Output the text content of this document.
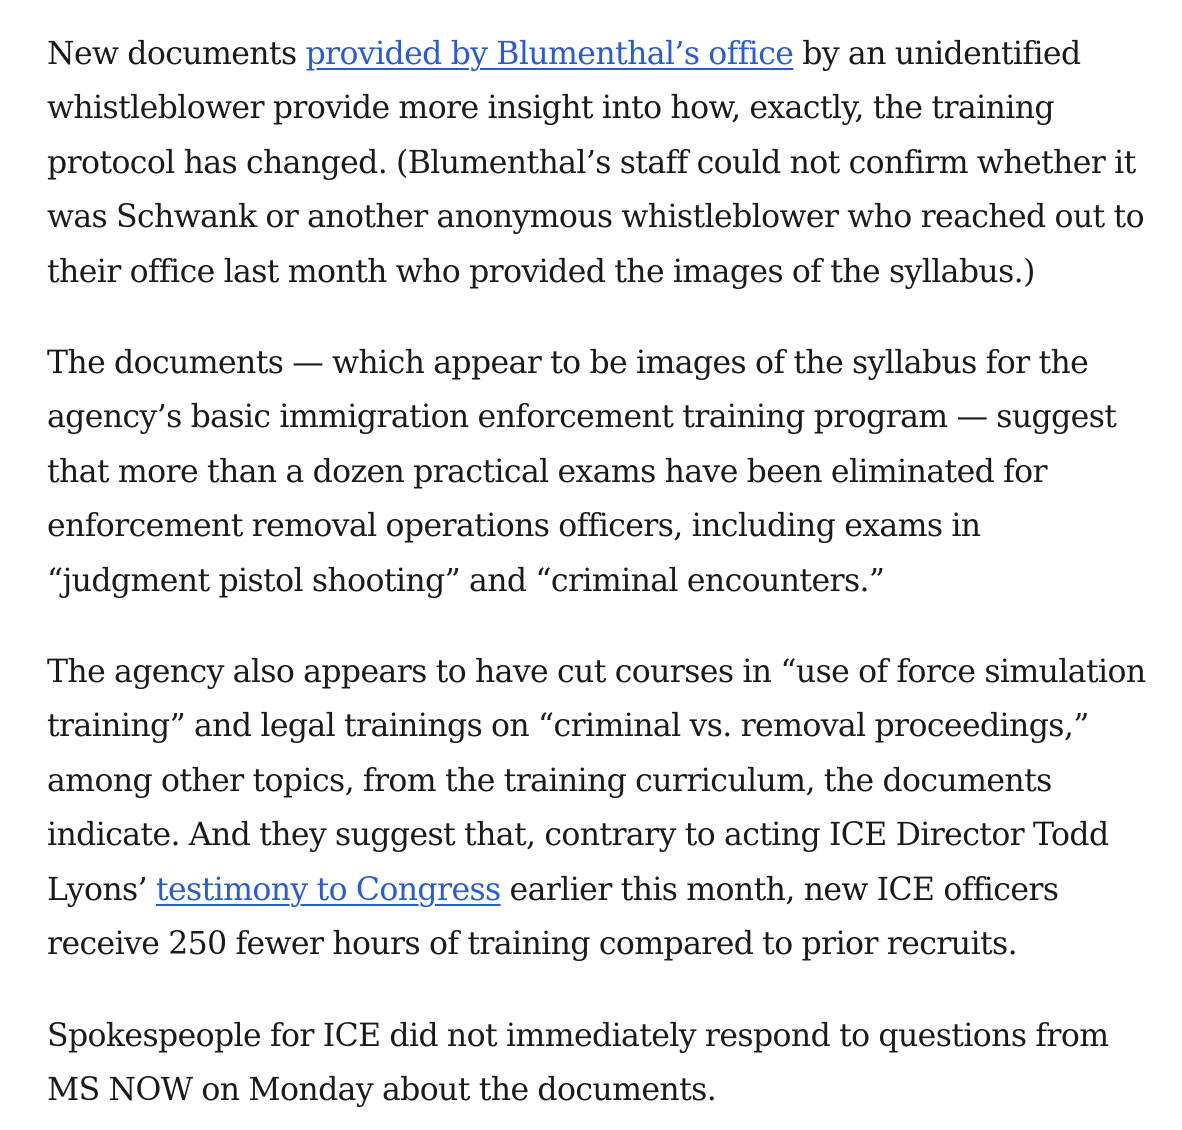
New documents provided by Blumenthal’s office by an unidentified
whistleblower provide more insight into how, exactly, the training
protocol has changed. (Blumenthal’s staff could not confirm whether it
was Schwank or another anonymous whistleblower who reached out to
their office last month who provided the images of the syllabus.)

The documents — which appear to be images of the syllabus for the
agency’s basic immigration enforcement training program — suggest
that more than a dozen practical exams have been eliminated for
enforcement removal operations officers, including exams in
“judgment pistol shooting” and “criminal encounters.”

The agency also appears to have cut courses in “use of force simulation
training” and legal trainings on “criminal vs. removal proceedings,”
among other topics, from the training curriculum, the documents
indicate. And they suggest that, contrary to acting ICE Director Todd
Lyons’ testimony to Congress earlier this month, new ICE officers
receive 250 fewer hours of training compared to prior recruits.

Spokespeople for ICE did not immediately respond to questions from
MS NOW on Monday about the documents.
